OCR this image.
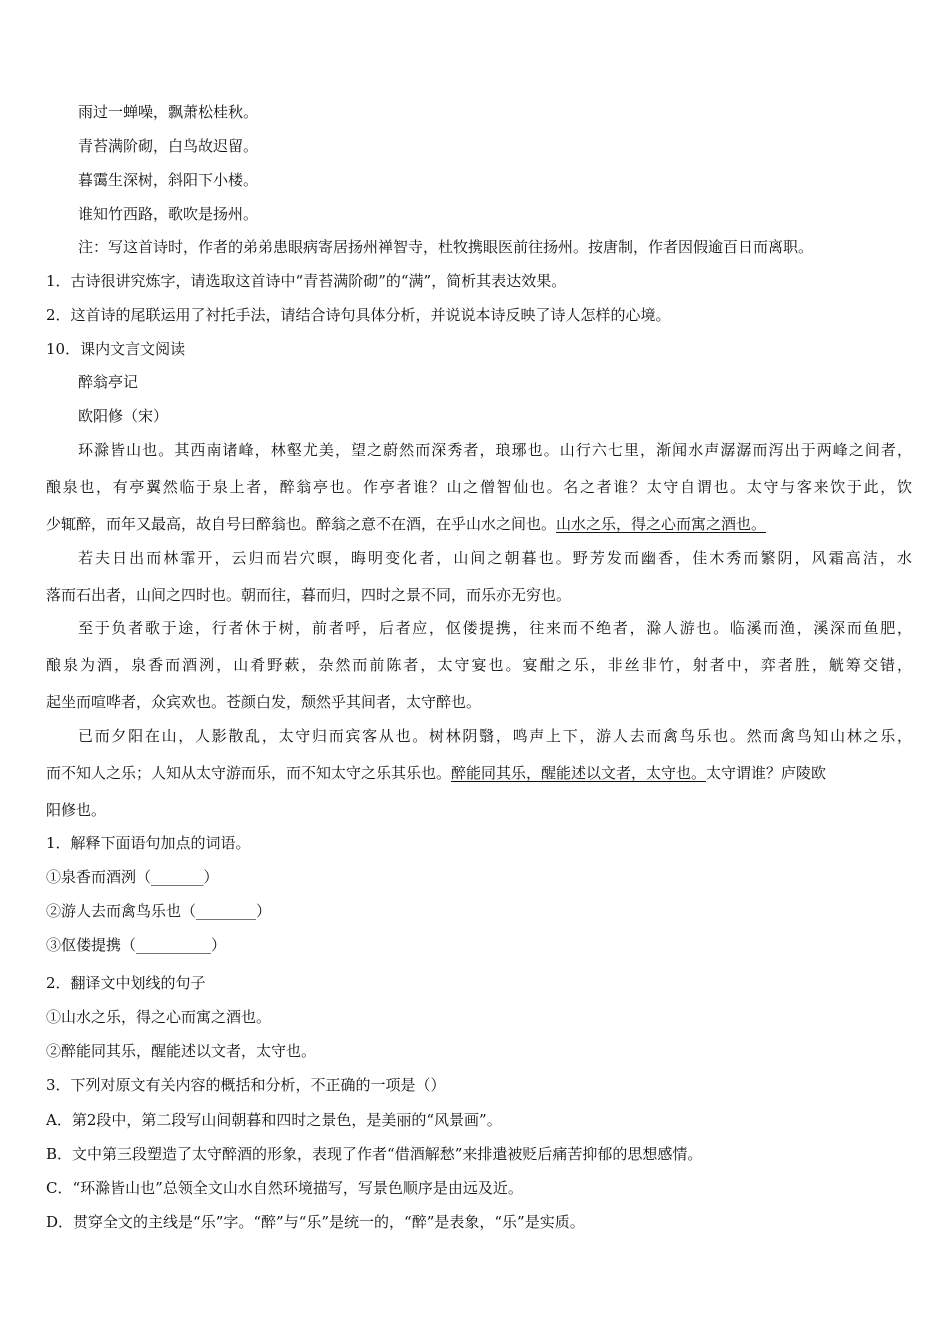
雨过一蝉噪，飘萧松桂秋。
青苔满阶砌，白鸟故迟留。
暮霭生深树，斜阳下小楼。
谁知竹西路，歌吹是扬州。
注：写这首诗时，作者的弟弟患眼病寄居扬州禅智寺，杜牧携眼医前往扬州。按唐制，作者因假逾百日而离职。
1．古诗很讲究炼字，请选取这首诗中“青苔满阶砌”的“满”，简析其表达效果。
2．这首诗的尾联运用了衬托手法，请结合诗句具体分析，并说说本诗反映了诗人怎样的心境。
10．课内文言文阅读
醉翁亭记
欧阳修（宋）
环滁皆山也。其西南诸峰，林壑尤美，望之蔚然而深秀者，琅琊也。山行六七里，渐闻水声潺潺而泻出于两峰之间者，
酿泉也，有亭翼然临于泉上者，醉翁亭也。作亭者谁？山之僧智仙也。名之者谁？太守自谓也。太守与客来饮于此，饮
少辄醉，而年又最高，故自号曰醉翁也。醉翁之意不在酒，在乎山水之间也。山水之乐，得之心而寓之酒也。
若夫日出而林霏开，云归而岩穴暝，晦明变化者，山间之朝暮也。野芳发而幽香，佳木秀而繁阴，风霜高洁，水
落而石出者，山间之四时也。朝而往，暮而归，四时之景不同，而乐亦无穷也。
至于负者歌于途，行者休于树，前者呼，后者应，伛偻提携，往来而不绝者，滁人游也。临溪而渔，溪深而鱼肥，
酿泉为酒，泉香而酒洌，山肴野蔌，杂然而前陈者，太守宴也。宴酣之乐，非丝非竹，射者中，弈者胜，觥筹交错，
起坐而喧哗者，众宾欢也。苍颜白发，颓然乎其间者，太守醉也。
已而夕阳在山，人影散乱，太守归而宾客从也。树林阴翳，鸣声上下，游人去而禽鸟乐也。然而禽鸟知山林之乐，
而不知人之乐；人知从太守游而乐，而不知太守之乐其乐也。醉能同其乐，醒能述以文者，太守也。太守谓谁？庐陵欧
阳修也。
1．解释下面语句加点的词语。
①泉香而酒洌（_______）
②游人去而禽鸟乐也（________）
③伛偻提携（__________）
2．翻译文中划线的句子
①山水之乐，得之心而寓之酒也。
②醉能同其乐，醒能述以文者，太守也。
3．下列对原文有关内容的概括和分析，不正确的一项是（）
A．第2段中，第二段写山间朝暮和四时之景色，是美丽的“风景画”。
B．文中第三段塑造了太守醉酒的形象，表现了作者“借酒解愁”来排遣被贬后痛苦抑郁的思想感情。
C．“环滁皆山也”总领全文山水自然环境描写，写景色顺序是由远及近。
D．贯穿全文的主线是“乐”字。“醉”与“乐”是统一的，“醉”是表象，“乐”是实质。
